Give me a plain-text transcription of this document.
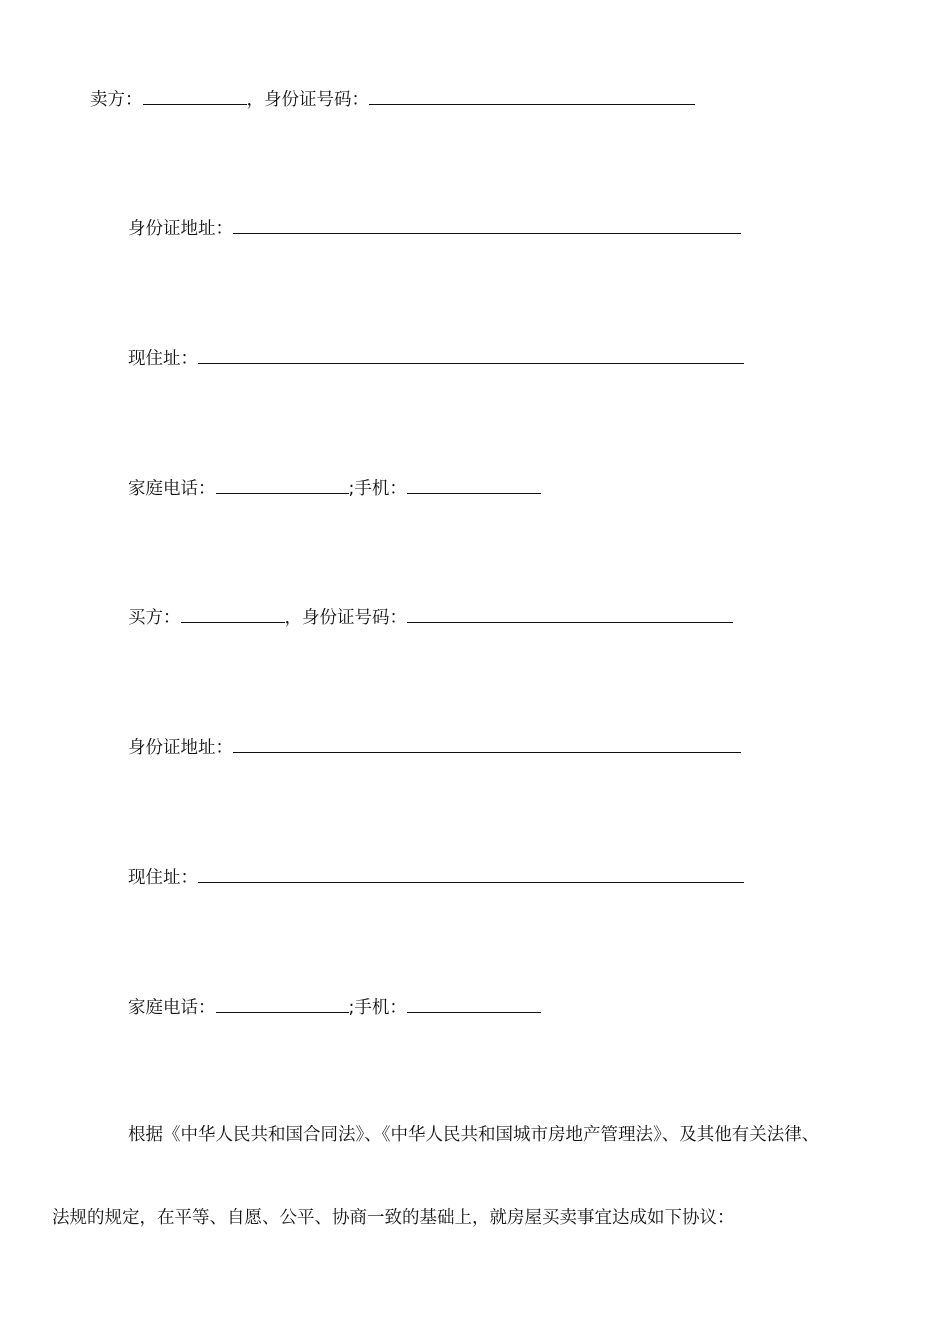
卖方：	，身份证号码：
身份证地址：
现住址：
家庭电话：	;手机：
买方：	，身份证号码：
身份证地址：
现住址：
家庭电话：	;手机：
根据《中华人民共和国合同法》、《中华人民共和国城市房地产管理法》、及其他有关法律、
法规的规定，在平等、自愿、公平、协商一致的基础上，就房屋买卖事宜达成如下协议：
